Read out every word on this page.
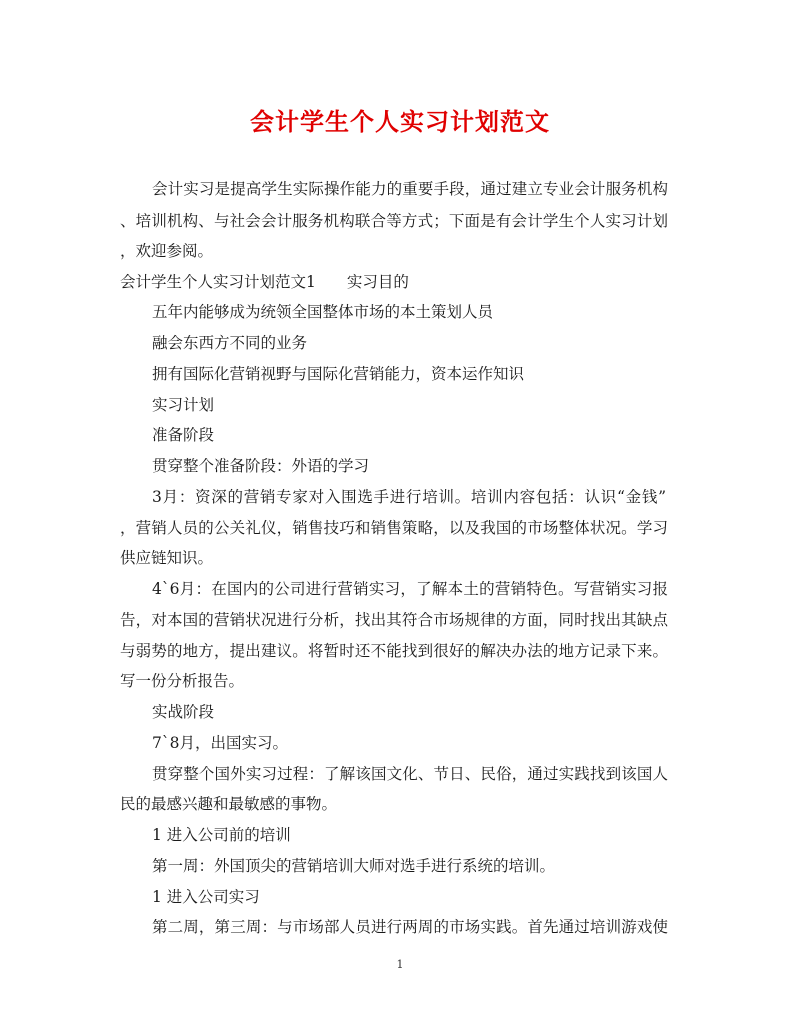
会计学生个人实习计划范文
会计实习是提高学生实际操作能力的重要手段，通过建立专业会计服务机构
、培训机构、与社会会计服务机构联合等方式；下面是有会计学生个人实习计划
，欢迎参阅。
会计学生个人实习计划范文1　　实习目的
五年内能够成为统领全国整体市场的本土策划人员
融会东西方不同的业务
拥有国际化营销视野与国际化营销能力，资本运作知识
实习计划
准备阶段
贯穿整个准备阶段：外语的学习
3月：资深的营销专家对入围选手进行培训。培训内容包括：认识“金钱”
，营销人员的公关礼仪，销售技巧和销售策略，以及我国的市场整体状况。学习
供应链知识。
4`6月：在国内的公司进行营销实习，了解本土的营销特色。写营销实习报
告，对本国的营销状况进行分析，找出其符合市场规律的方面，同时找出其缺点
与弱势的地方，提出建议。将暂时还不能找到很好的解决办法的地方记录下来。
写一份分析报告。
实战阶段
7`8月，出国实习。
贯穿整个国外实习过程：了解该国文化、节日、民俗，通过实践找到该国人
民的最感兴趣和最敏感的事物。
1 进入公司前的培训
第一周：外国顶尖的营销培训大师对选手进行系统的培训。
1 进入公司实习
第二周，第三周：与市场部人员进行两周的市场实践。首先通过培训游戏使
1
